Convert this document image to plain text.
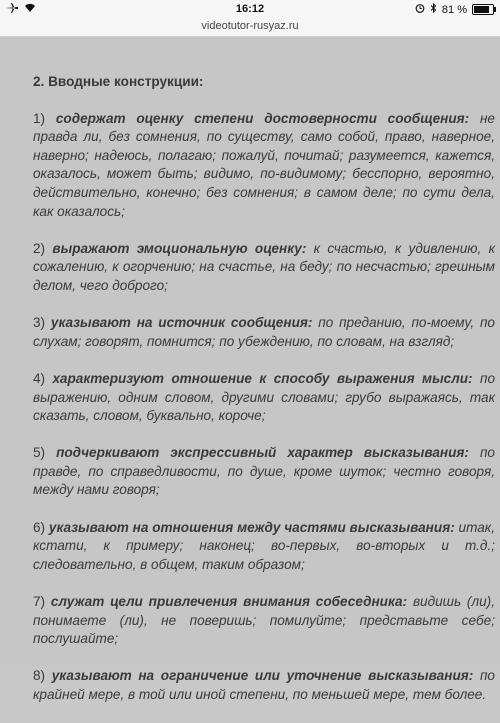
16:12	81 %
videotutor-rusyaz.ru
2. Вводные конструкции:
1) содержат оценку степени достоверности сообщения: не правда ли, без сомнения, по существу, само собой, право, наверное, наверно; надеюсь, полагаю; пожалуй, почитай; разумеется, кажется, оказалось, может быть; видимо, по-видимому; бесспорно, вероятно, действительно, конечно; без сомнения; в самом деле; по сути дела, как оказалось;
2) выражают эмоциональную оценку: к счастью, к удивлению, к сожалению, к огорчению; на счастье, на беду; по несчастью; грешным делом, чего доброго;
3) указывают на источник сообщения: по преданию, по-моему, по слухам; говорят, помнится; по убеждению, по словам, на взгляд;
4) характеризуют отношение к способу выражения мысли: по выражению, одним словом, другими словами; грубо выражаясь, так сказать, словом, буквально, короче;
5) подчеркивают экспрессивный характер высказывания: по правде, по справедливости, по душе, кроме шуток; честно говоря, между нами говоря;
6) указывают на отношения между частями высказывания: итак, кстати, к примеру; наконец; во-первых, во-вторых и т.д.; следовательно, в общем, таким образом;
7) служат цели привлечения внимания собеседника: видишь (ли), понимаете (ли), не поверишь; помилуйте; представьте себе; послушайте;
8) указывают на ограничение или уточнение высказывания: по крайней мере, в той или иной степени, по меньшей мере, тем более.
